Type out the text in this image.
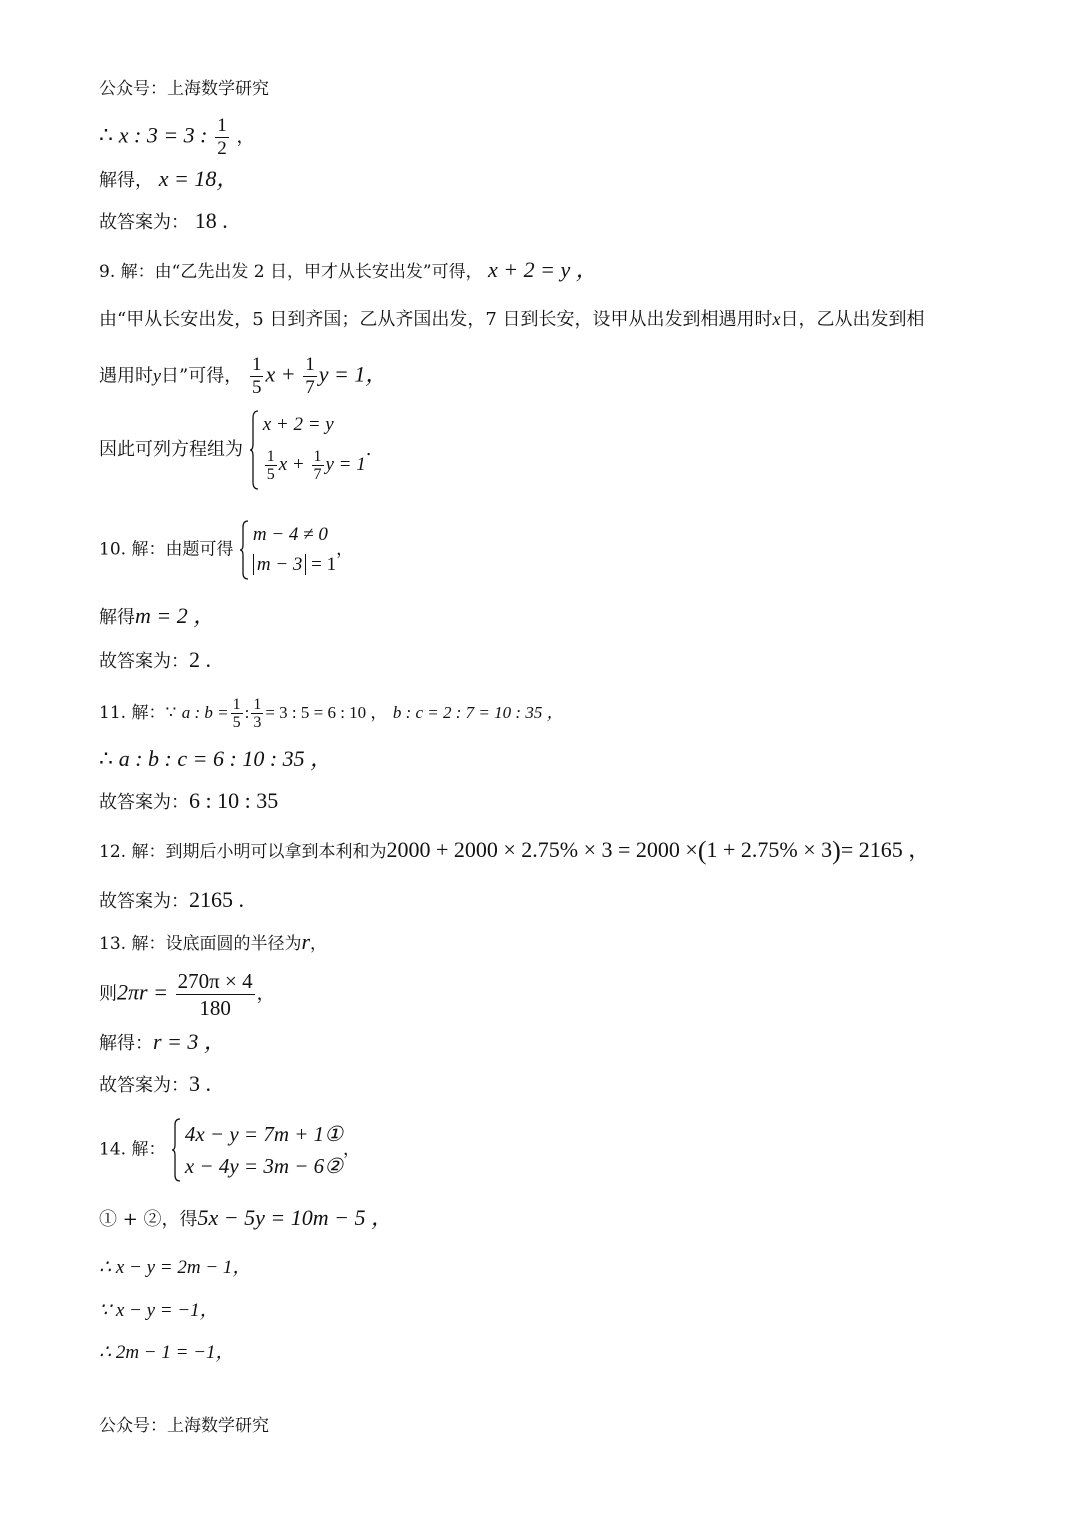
公众号：上海数学研究
∴ x : 3 = 3 : $\frac{1}{2}$ ，
解得， x = 18，
故答案为： 18 .
9. 解：由“乙先出发 2 日，甲才从长安出发”可得， x + 2 = y ，
由“甲从长安出发，5 日到齐国；乙从齐国出发，7 日到长安，设甲从出发到相遇用时x日，乙从出发到相
遇用时y日”可得， $\frac{1}{5}$ $x + \frac{1}{7}$ y = 1，
因此可列方程组为
x + 2 = y
$\frac{1}{5}$ $x + \frac{1}{7}$ y = 1
.
10. 解：由题可得
m − 4 ≠ 0
m − 3 = 1
，
解得m = 2 ，
故答案为：2 .
11. 解：∵ a : $b = \frac{1}{5}$ : $\frac{1}{3} = 3$ : 5 = 6 : 10 ， b : c = 2 : 7 = 10 : 35 ，
∴ a : b : c = 6 : 10 : 35 ，
故答案为：6 : 10 : 35
12. 解：到期后小明可以拿到本利和为2000 + 2000 × 2.75% × 3 = 2000 ×(1 + 2.75% × 3)= 2165 ，
故答案为：2165 .
13. 解：设底面圆的半径为r，
则$2\pi r = \frac{270\pi \times 4}{180}$ ，
解得：r = 3 ，
故答案为：3 .
14. 解：
4x − y = 7m + 1①
x − 4y = 3m − 6②
，
① + ②，得5x − 5y = 10m − 5 ，
∴ x − y = 2m − 1，
∵ x − y = −1，
∴ 2m − 1 = −1，
公众号：上海数学研究
